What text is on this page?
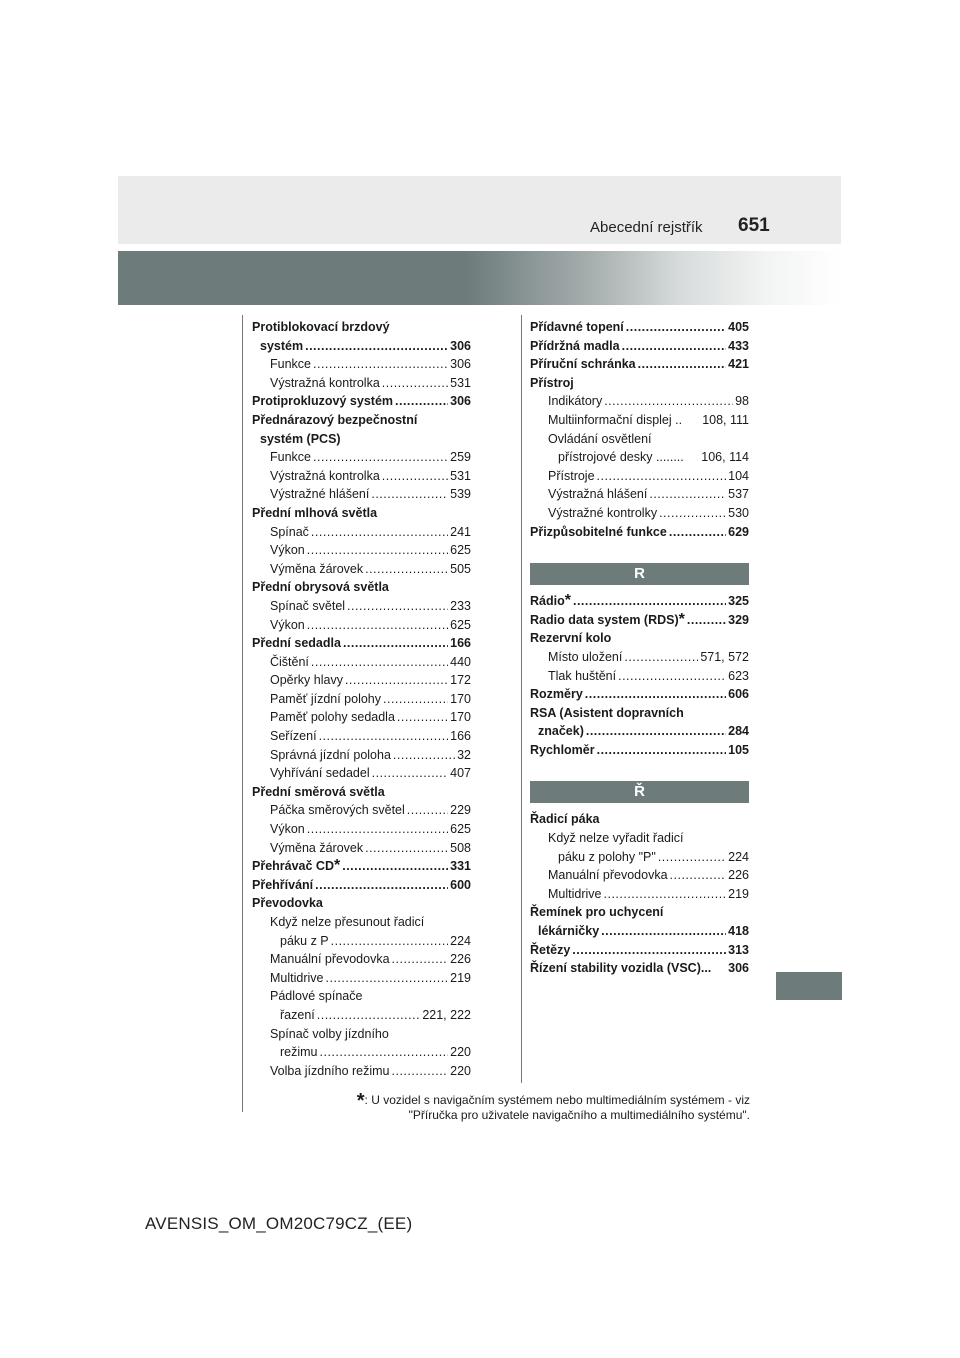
Abecední rejstřík 651
Protiblokovací brzdový
systém .....	306
Funkce .....	306
Výstražná kontrolka .....	531
Protiprokluzový systém .....	306
Přednárazový bezpečnostní
systém (PCS)
Funkce .....	259
Výstražná kontrolka .....	531
Výstražné hlášení .....	539
Přední mlhová světla
Spínač .....	241
Výkon .....	625
Výměna žárovek .....	505
Přední obrysová světla
Spínač světel .....	233
Výkon .....	625
Přední sedadla .....	166
Čištění .....	440
Opěrky hlavy .....	172
Paměť jízdní polohy .....	170
Paměť polohy sedadla .....	170
Seřízení .....	166
Správná jízdní poloha .....	32
Vyhřívání sedadel .....	407
Přední směrová světla
Páčka směrových světel .....	229
Výkon .....	625
Výměna žárovek .....	508
Přehrávač CD * .....	331
Přehřívání .....	600
Převodovka
Když nelze přesunout řadicí
páku z P .....	224
Manuální převodovka .....	226
Multidrive .....	219
Pádlové spínače
řazení .....	221, 222
Spínač volby jízdního
režimu .....	220
Volba jízdního režimu .....	220
Přídavné topení .....	405
Přídržná madla .....	433
Příruční schránka .....	421
Přístroj
Indikátory .....	98
Multiinformační displej .. 108, 111
Ovládání osvětlení
přístrojové desky ........ 106, 114
Přístroje .....	104
Výstražná hlášení .....	537
Výstražné kontrolky .....	530
Přizpůsobitelné funkce .....	629
R
Rádio * .....	325
Radio data system (RDS) * .....	329
Rezervní kolo
Místo uložení .....	571, 572
Tlak huštění .....	623
Rozměry .....	606
RSA (Asistent dopravních
značek) .....	284
Rychloměr .....	105
Ř
Řadicí páka
Když nelze vyřadit řadicí
páku z polohy "P" .....	224
Manuální převodovka .....	226
Multidrive .....	219
Řemínek pro uchycení
lékárničky .....	418
Řetězy .....	313
Řízení stability vozidla (VSC)... 306
*: U vozidel s navigačním systémem nebo multimediálním systémem - viz
"Příručka pro uživatele navigačního a multimediálního systému".
AVENSIS_OM_OM20C79CZ_(EE)
